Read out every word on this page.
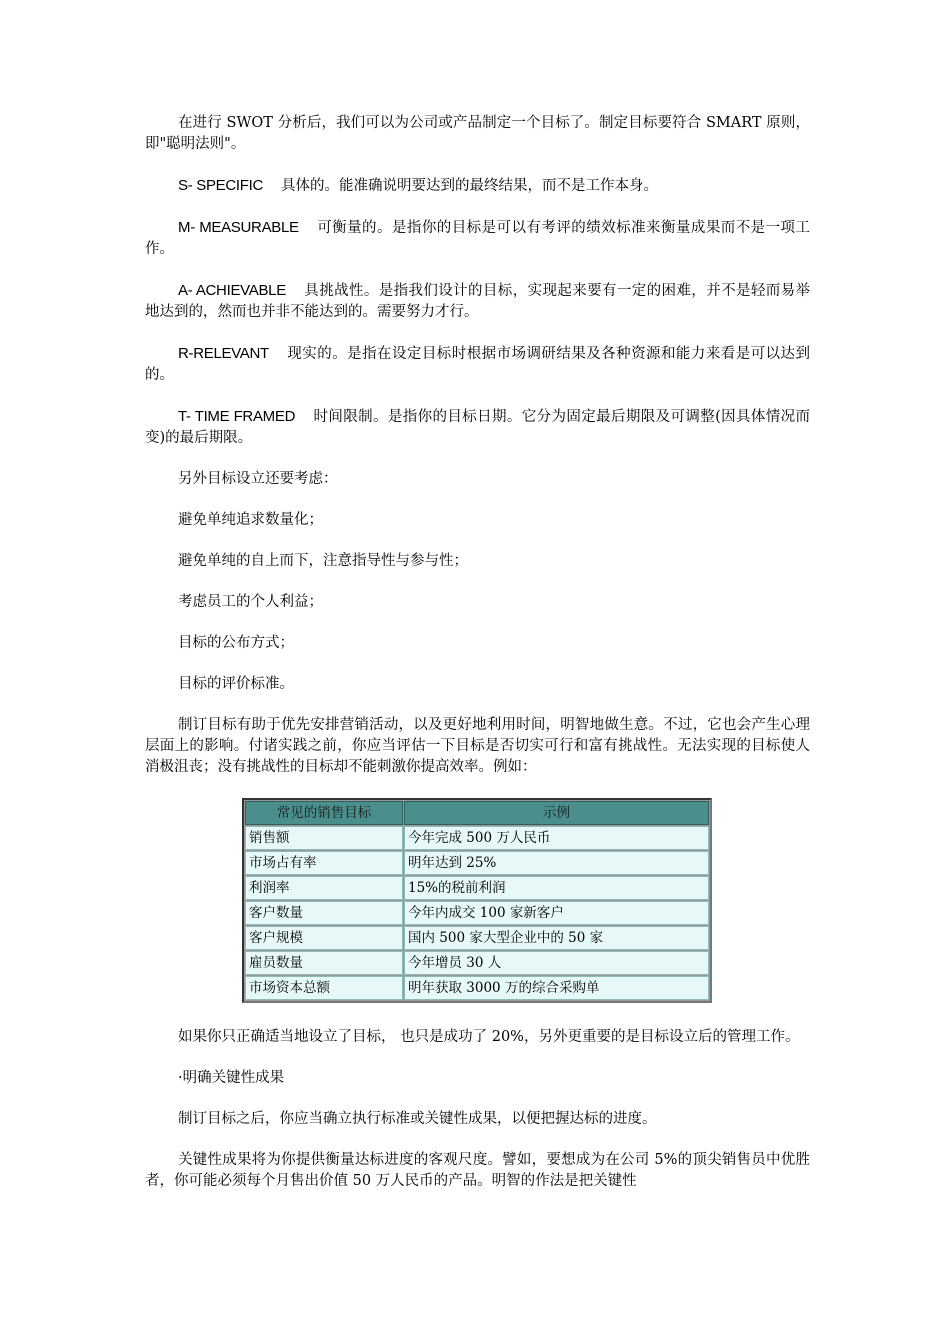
在进行 SWOT 分析后，我们可以为公司或产品制定一个目标了。制定目标要符合 SMART 原则，即"聪明法则"。

S- SPECIFIC 具体的。能准确说明要达到的最终结果，而不是工作本身。

M- MEASURABLE 可衡量的。是指你的目标是可以有考评的绩效标准来衡量成果而不是一项工作。

A- ACHIEVABLE 具挑战性。是指我们设计的目标，实现起来要有一定的困难，并不是轻而易举地达到的，然而也并非不能达到的。需要努力才行。

R-RELEVANT 现实的。是指在设定目标时根据市场调研结果及各种资源和能力来看是可以达到的。

T- TIME FRAMED 时间限制。是指你的目标日期。它分为固定最后期限及可调整(因具体情况而变)的最后期限。

另外目标设立还要考虑：

避免单纯追求数量化；

避免单纯的自上而下，注意指导性与参与性；

考虑员工的个人利益；

目标的公布方式；

目标的评价标准。

制订目标有助于优先安排营销活动，以及更好地利用时间，明智地做生意。不过，它也会产生心理层面上的影响。付诸实践之前，你应当评估一下目标是否切实可行和富有挑战性。无法实现的目标使人消极沮丧；没有挑战性的目标却不能刺激你提高效率。例如：

常见的销售目标	示例
销售额	今年完成 500 万人民币
市场占有率	明年达到 25%
利润率	15%的税前利润
客户数量	今年内成交 100 家新客户
客户规模	国内 500 家大型企业中的 50 家
雇员数量	今年增员 30 人
市场资本总额	明年获取 3000 万的综合采购单

如果你只正确适当地设立了目标， 也只是成功了 20%，另外更重要的是目标设立后的管理工作。

·明确关键性成果

制订目标之后，你应当确立执行标准或关键性成果，以便把握达标的进度。

关键性成果将为你提供衡量达标进度的客观尺度。譬如，要想成为在公司 5%的顶尖销售员中优胜者，你可能必须每个月售出价值 50 万人民币的产品。明智的作法是把关键性
